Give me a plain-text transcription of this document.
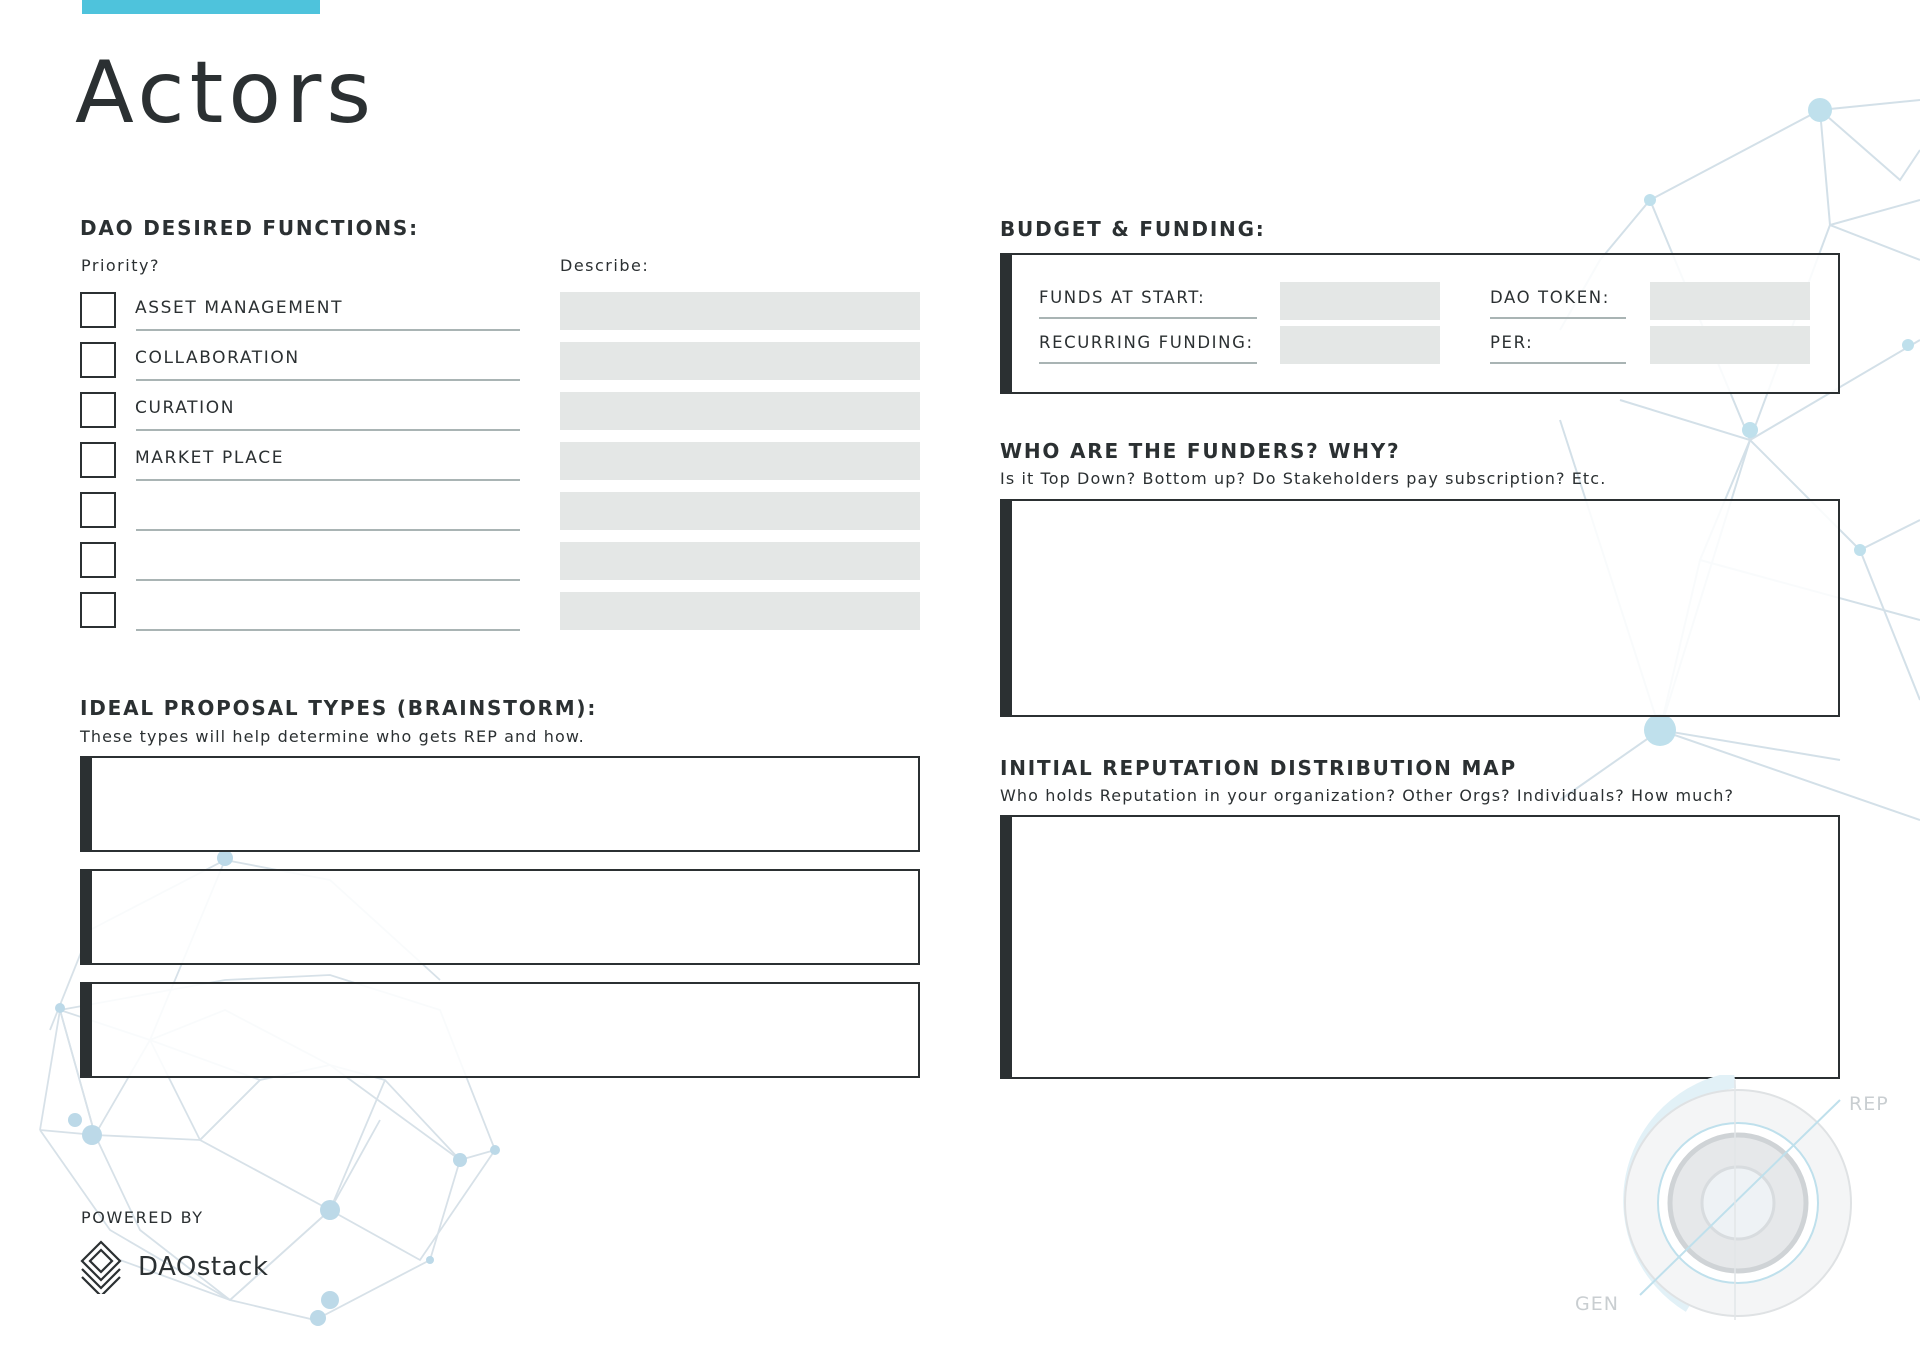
Actors
DAO DESIRED FUNCTIONS:
Priority?	Describe:
ASSET MANAGEMENT
COLLABORATION
CURATION
MARKET PLACE
IDEAL PROPOSAL TYPES (BRAINSTORM):
These types will help determine who gets REP and how.
BUDGET & FUNDING:
FUNDS AT START:
RECURRING FUNDING:
DAO TOKEN:
PER:
WHO ARE THE FUNDERS? WHY?
Is it Top Down? Bottom up? Do Stakeholders pay subscription? Etc.
INITIAL REPUTATION DISTRIBUTION MAP
Who holds Reputation in your organization? Other Orgs? Individuals? How much?
POWERED BY
DAOstack
REP
GEN
